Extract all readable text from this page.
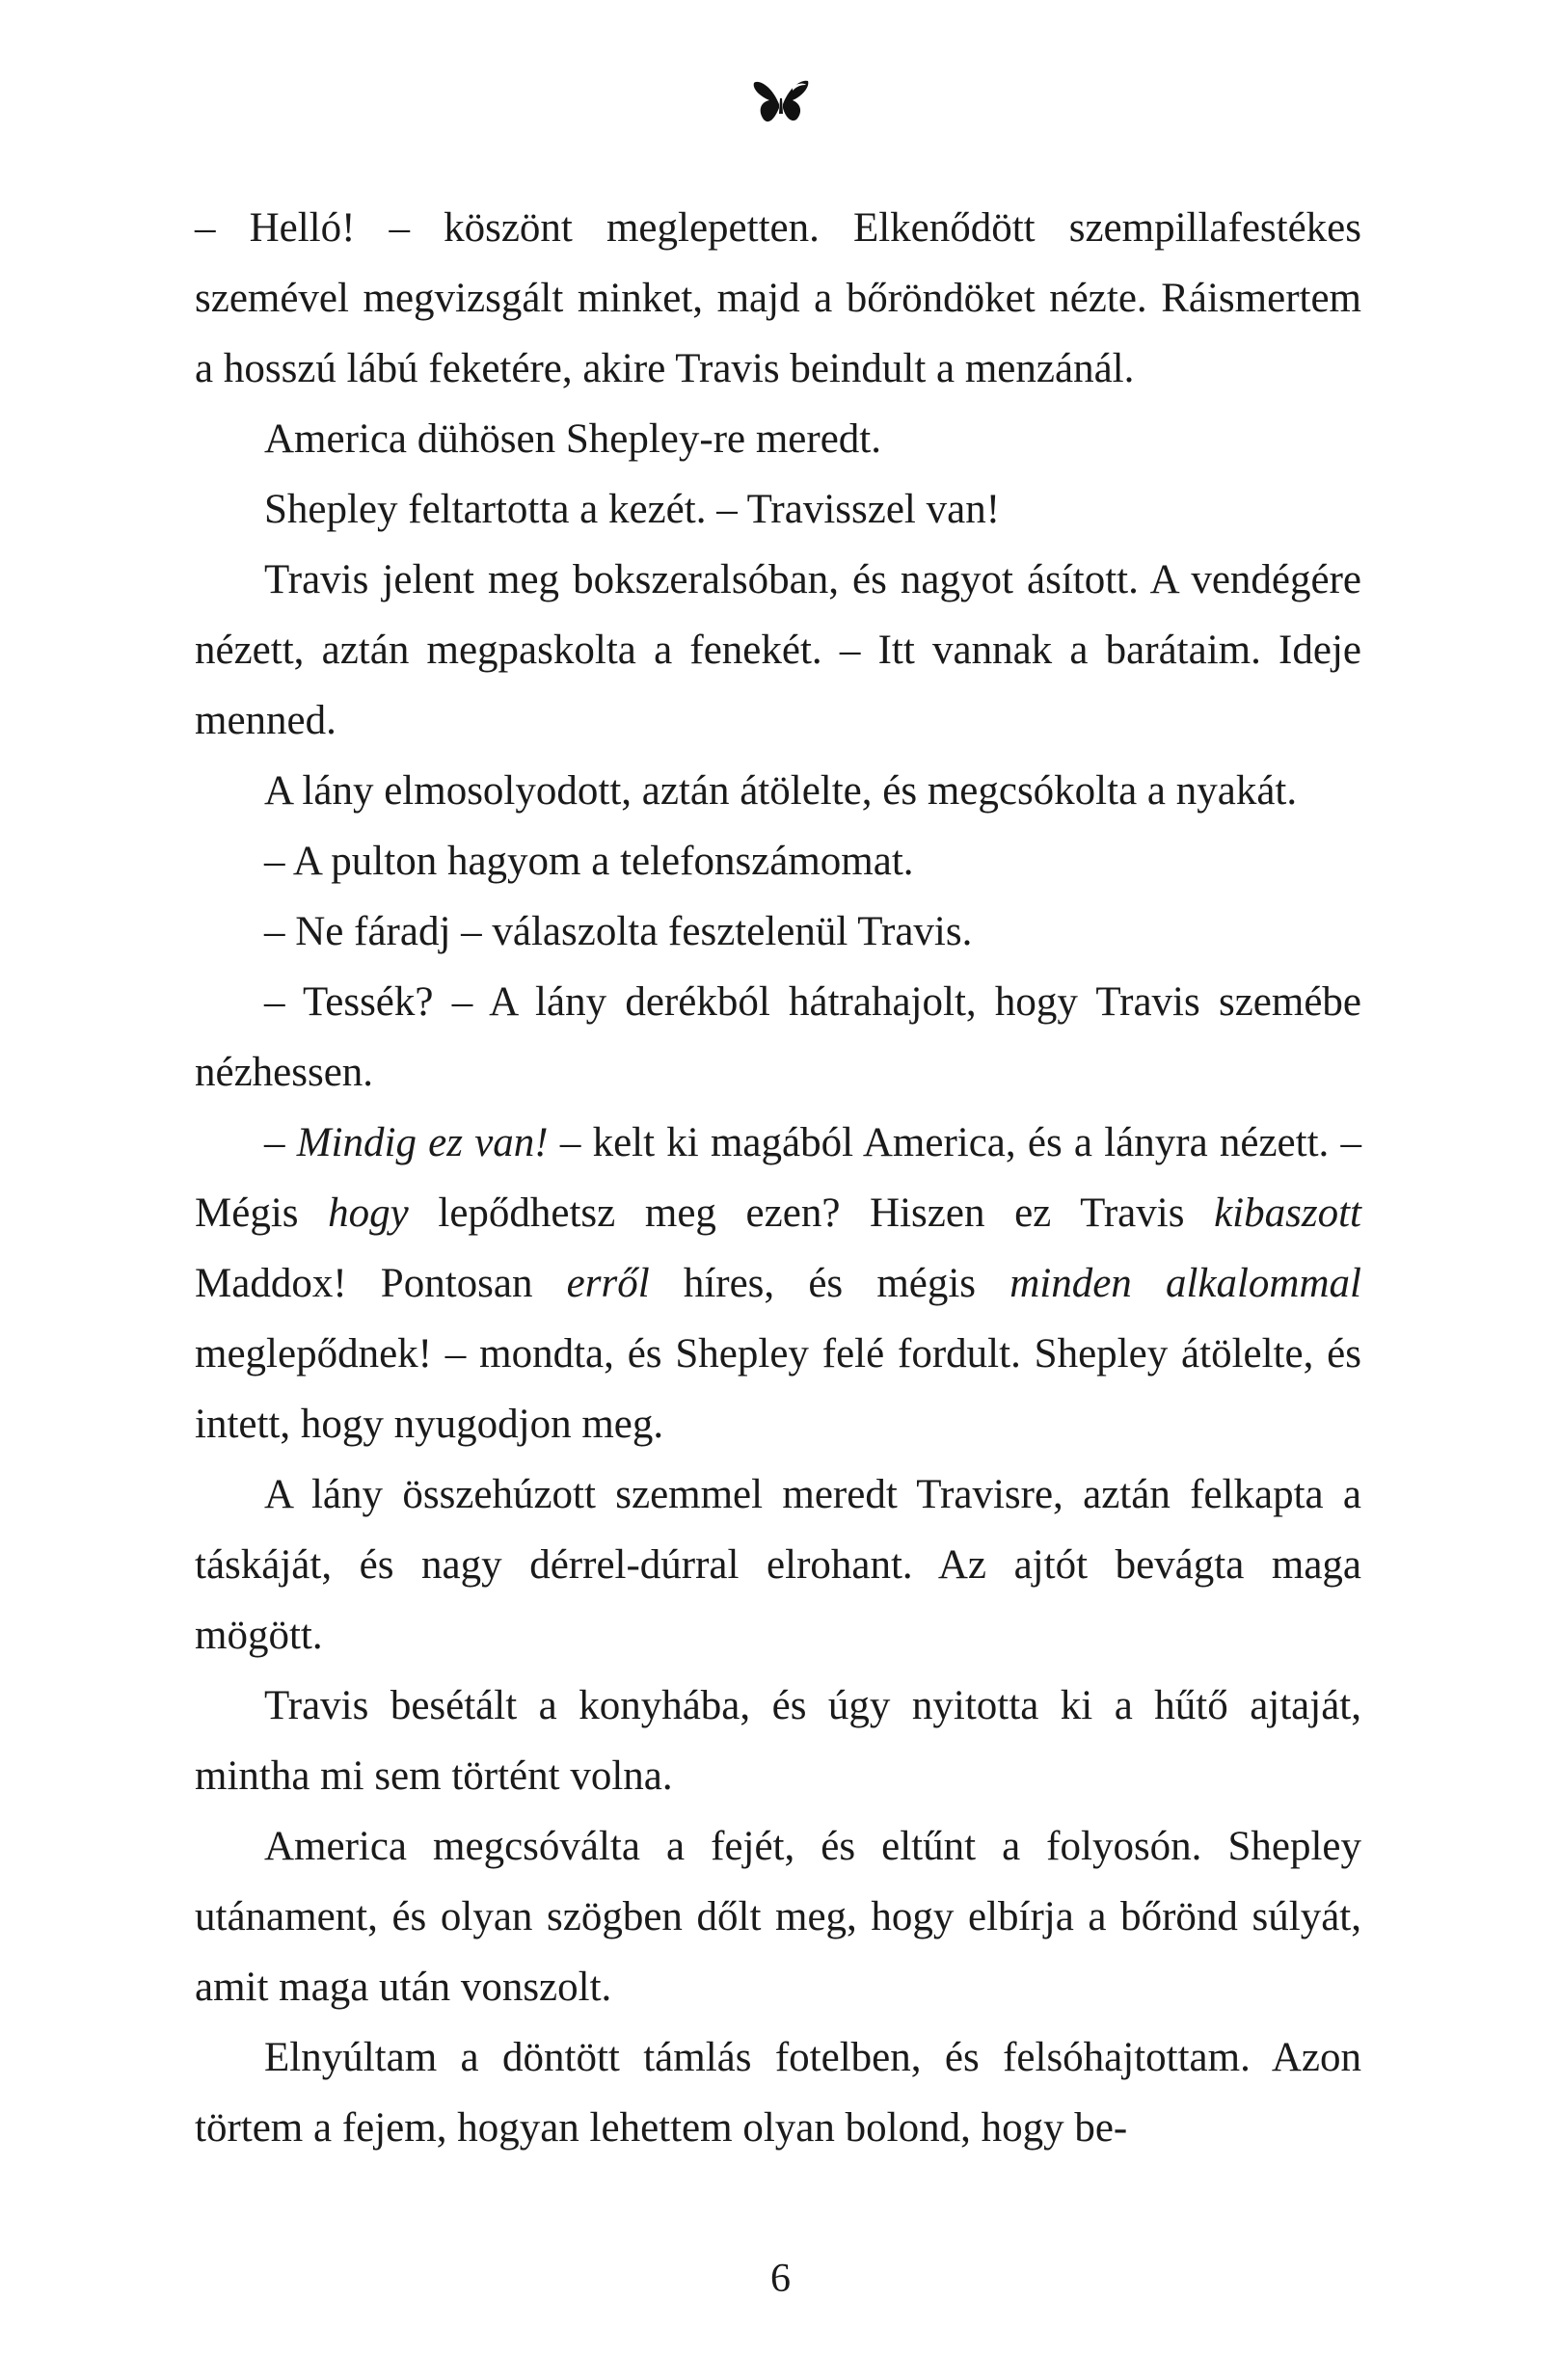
– Helló! – köszönt meglepetten. Elkenődött szempillafestékes szemével megvizsgált minket, majd a bőröndöket nézte. Ráismertem a hosszú lábú feketére, akire Travis beindult a menzánál.

America dühösen Shepley-re meredt.

Shepley feltartotta a kezét. – Travisszel van!

Travis jelent meg bokszeralsóban, és nagyot ásított. A vendégére nézett, aztán megpaskolta a fenekét. – Itt vannak a barátaim. Ideje menned.

A lány elmosolyodott, aztán átölelte, és megcsókolta a nyakát.

– A pulton hagyom a telefonszámomat.

– Ne fáradj – válaszolta fesztelenül Travis.

– Tessék? – A lány derékból hátrahajolt, hogy Travis szemébe nézhessen.

– Mindig ez van! – kelt ki magából America, és a lányra nézett. – Mégis hogy lepődhetsz meg ezen? Hiszen ez Travis kibaszott Maddox! Pontosan erről híres, és mégis minden alkalommal meglepődnek! – mondta, és Shepley felé fordult. Shepley átölelte, és intett, hogy nyugodjon meg.

A lány összehúzott szemmel meredt Travisre, aztán felkapta a táskáját, és nagy dérrel-dúrral elrohant. Az ajtót bevágta maga mögött.

Travis besétált a konyhába, és úgy nyitotta ki a hűtő ajtaját, mintha mi sem történt volna.

America megcsóválta a fejét, és eltűnt a folyosón. Shepley utánament, és olyan szögben dőlt meg, hogy elbírja a bőrönd súlyát, amit maga után vonszolt.

Elnyúltam a döntött támlás fotelben, és felsóhajtottam. Azon törtem a fejem, hogyan lehettem olyan bolond, hogy be-

6
